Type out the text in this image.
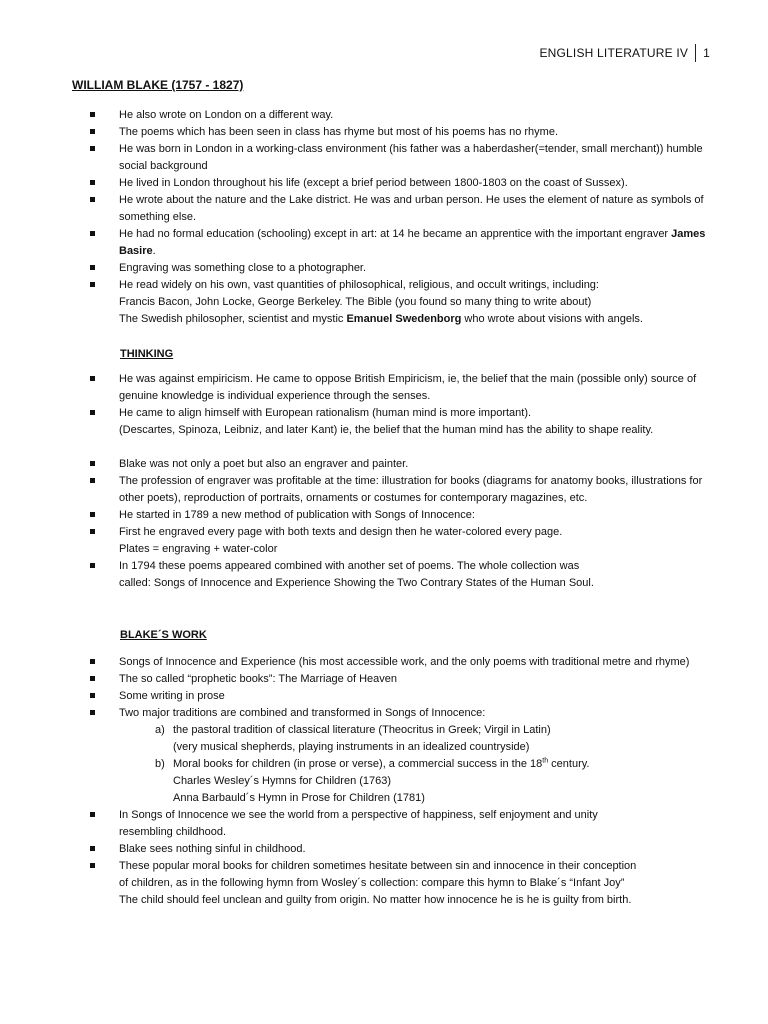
ENGLISH LITERATURE IV 1
WILLIAM BLAKE (1757 - 1827)
He also wrote on London on a different way.
The poems which has been seen in class has rhyme but most of his poems has no rhyme.
He was born in London in a working-class environment (his father was a haberdasher(=tender, small merchant)) humble social background
He lived in London throughout his life (except a brief period between 1800-1803 on the coast of Sussex).
He wrote about the nature and the Lake district. He was and urban person. He uses the element of nature as symbols of something else.
He had no formal education (schooling) except in art: at 14 he became an apprentice with the important engraver James Basire.
Engraving was something close to a photographer.
He read widely on his own, vast quantities of philosophical, religious, and occult writings, including:
Francis Bacon, John Locke, George Berkeley. The Bible (you found so many thing to write about)
The Swedish philosopher, scientist and mystic Emanuel Swedenborg who wrote about visions with angels.
THINKING
He was against empiricism. He came to oppose British Empiricism, ie, the belief that the main (possible only) source of genuine knowledge is individual experience through the senses.
He came to align himself with European rationalism (human mind is more important).
(Descartes, Spinoza, Leibniz, and later Kant) ie, the belief that the human mind has the ability to shape reality.
Blake was not only a poet but also an engraver and painter.
The profession of engraver was profitable at the time: illustration for books (diagrams for anatomy books, illustrations for other poets), reproduction of portraits, ornaments or costumes for contemporary magazines, etc.
He started in 1789 a new method of publication with Songs of Innocence:
First he engraved every page with both texts and design then he water-colored every page.
Plates = engraving + water-color
In 1794 these poems appeared combined with another set of poems. The whole collection was
called: Songs of Innocence and Experience Showing the Two Contrary States of the Human Soul.
BLAKE´S WORK
Songs of Innocence and Experience (his most accessible work, and the only poems with traditional metre and rhyme)
The so called “prophetic books”: The Marriage of Heaven
Some writing in prose
Two major traditions are combined and transformed in Songs of Innocence:
a) the pastoral tradition of classical literature (Theocritus in Greek; Virgil in Latin)
(very musical shepherds, playing instruments in an idealized countryside)
b) Moral books for children (in prose or verse), a commercial success in the 18th century.
Charles Wesley´s Hymns for Children (1763)
Anna Barbauld´s Hymn in Prose for Children (1781)
In Songs of Innocence we see the world from a perspective of happiness, self enjoyment and unity
resembling childhood.
Blake sees nothing sinful in childhood.
These popular moral books for children sometimes hesitate between sin and innocence in their conception
of children, as in the following hymn from Wosley´s collection: compare this hymn to Blake´s “Infant Joy”
The child should feel unclean and guilty from origin. No matter how innocence he is he is guilty from birth.
